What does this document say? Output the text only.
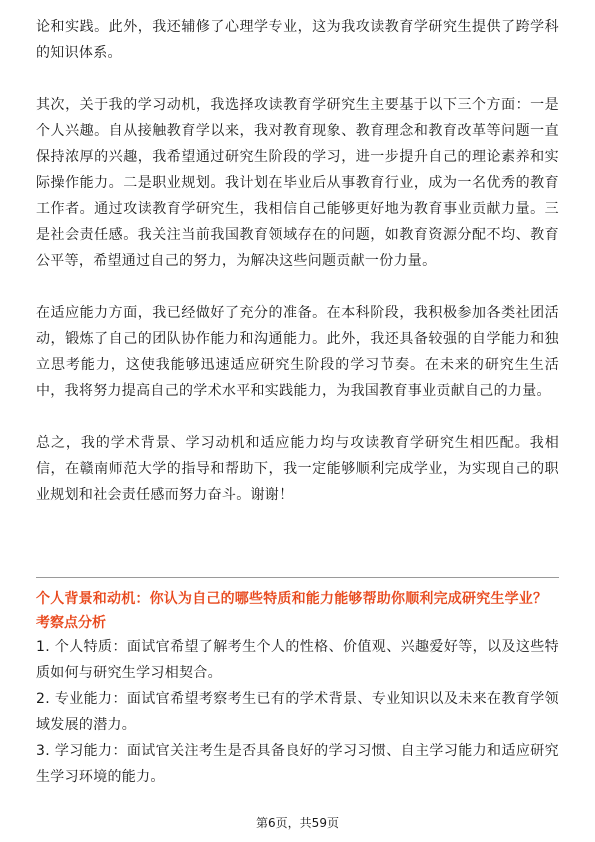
论和实践。此外，我还辅修了心理学专业，这为我攻读教育学研究生提供了跨学科的知识体系。

其次，关于我的学习动机，我选择攻读教育学研究生主要基于以下三个方面：一是个人兴趣。自从接触教育学以来，我对教育现象、教育理念和教育改革等问题一直保持浓厚的兴趣，我希望通过研究生阶段的学习，进一步提升自己的理论素养和实际操作能力。二是职业规划。我计划在毕业后从事教育行业，成为一名优秀的教育工作者。通过攻读教育学研究生，我相信自己能够更好地为教育事业贡献力量。三是社会责任感。我关注当前我国教育领域存在的问题，如教育资源分配不均、教育公平等，希望通过自己的努力，为解决这些问题贡献一份力量。

在适应能力方面，我已经做好了充分的准备。在本科阶段，我积极参加各类社团活动，锻炼了自己的团队协作能力和沟通能力。此外，我还具备较强的自学能力和独立思考能力，这使我能够迅速适应研究生阶段的学习节奏。在未来的研究生生活中，我将努力提高自己的学术水平和实践能力，为我国教育事业贡献自己的力量。

总之，我的学术背景、学习动机和适应能力均与攻读教育学研究生相匹配。我相信，在赣南师范大学的指导和帮助下，我一定能够顺利完成学业，为实现自己的职业规划和社会责任感而努力奋斗。谢谢！

个人背景和动机：你认为自己的哪些特质和能力能够帮助你顺利完成研究生学业？

考察点分析

1. 个人特质：面试官希望了解考生个人的性格、价值观、兴趣爱好等，以及这些特质如何与研究生学习相契合。

2. 专业能力：面试官希望考察考生已有的学术背景、专业知识以及未来在教育学领域发展的潜力。

3. 学习能力：面试官关注考生是否具备良好的学习习惯、自主学习能力和适应研究生学习环境的能力。

第6页，共59页
